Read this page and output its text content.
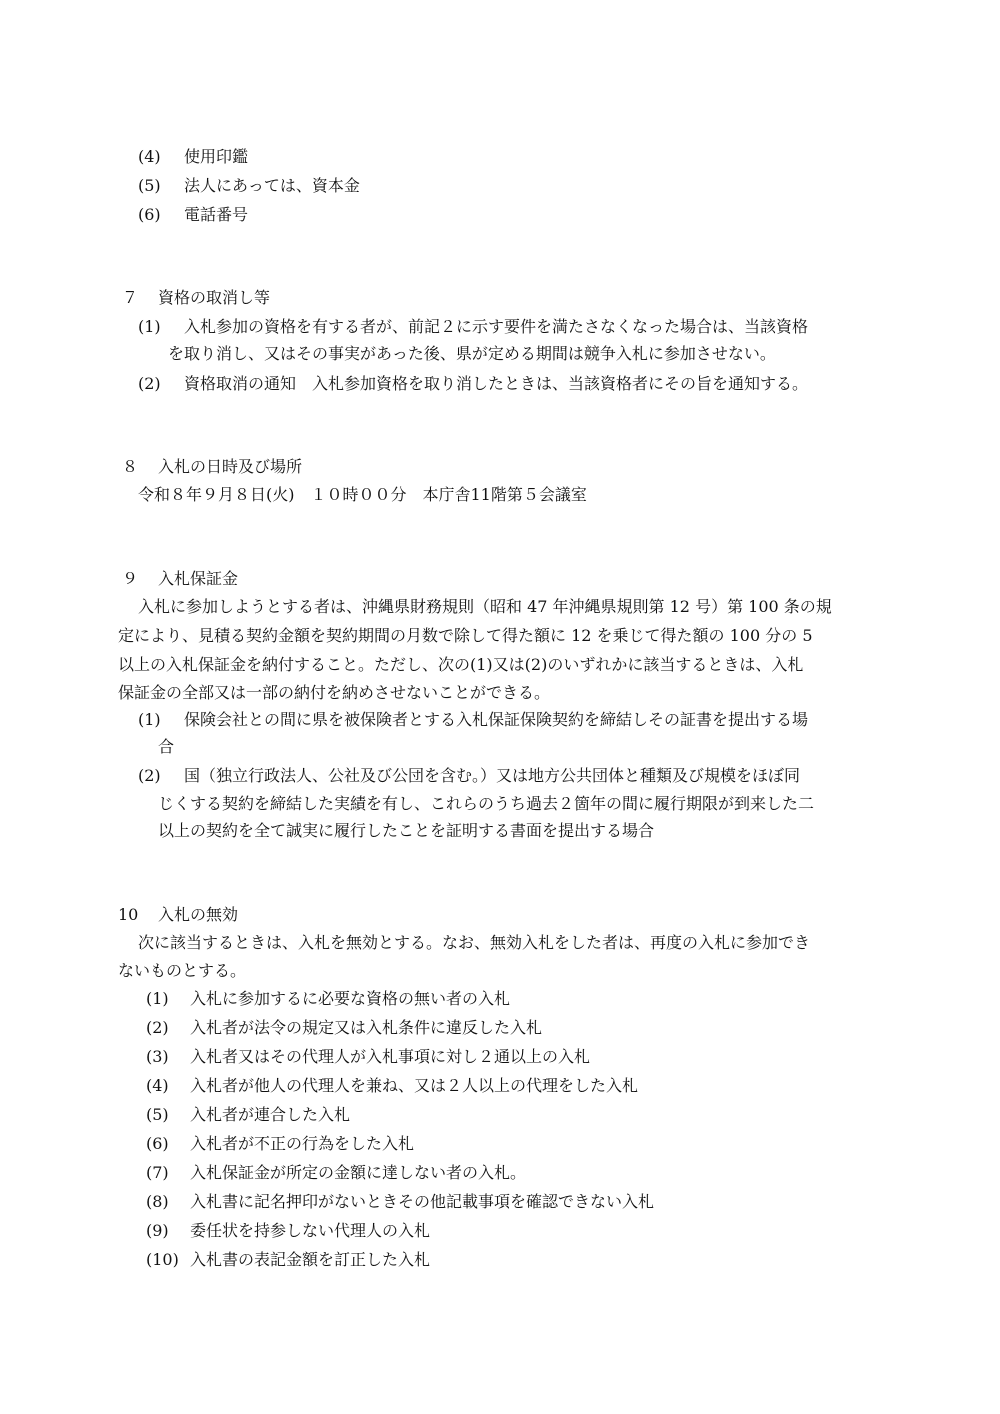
(4) 使用印鑑
(5) 法人にあっては、資本金
(6) 電話番号
７ 資格の取消し等
(1) 入札参加の資格を有する者が、前記２に示す要件を満たさなくなった場合は、当該資格
を取り消し、又はその事実があった後、県が定める期間は競争入札に参加させない。
(2) 資格取消の通知　入札参加資格を取り消したときは、当該資格者にその旨を通知する。
８ 入札の日時及び場所
令和８年９月８日(火)　１０時００分　本庁舎11階第５会議室
９ 入札保証金
入札に参加しようとする者は、沖縄県財務規則（昭和 47 年沖縄県規則第 12 号）第 100 条の規
定により、見積る契約金額を契約期間の月数で除して得た額に 12 を乗じて得た額の 100 分の 5
以上の入札保証金を納付すること。ただし、次の(1)又は(2)のいずれかに該当するときは、入札
保証金の全部又は一部の納付を納めさせないことができる。
(1) 保険会社との間に県を被保険者とする入札保証保険契約を締結しその証書を提出する場
合
(2) 国（独立行政法人、公社及び公団を含む。）又は地方公共団体と種類及び規模をほぼ同
じくする契約を締結した実績を有し、これらのうち過去２箇年の間に履行期限が到来した二
以上の契約を全て誠実に履行したことを証明する書面を提出する場合
10 入札の無効
次に該当するときは、入札を無効とする。なお、無効入札をした者は、再度の入札に参加でき
ないものとする。
(1) 入札に参加するに必要な資格の無い者の入札
(2) 入札者が法令の規定又は入札条件に違反した入札
(3) 入札者又はその代理人が入札事項に対し２通以上の入札
(4) 入札者が他人の代理人を兼ね、又は２人以上の代理をした入札
(5) 入札者が連合した入札
(6) 入札者が不正の行為をした入札
(7) 入札保証金が所定の金額に達しない者の入札。
(8) 入札書に記名押印がないときその他記載事項を確認できない入札
(9) 委任状を持参しない代理人の入札
(10) 入札書の表記金額を訂正した入札
